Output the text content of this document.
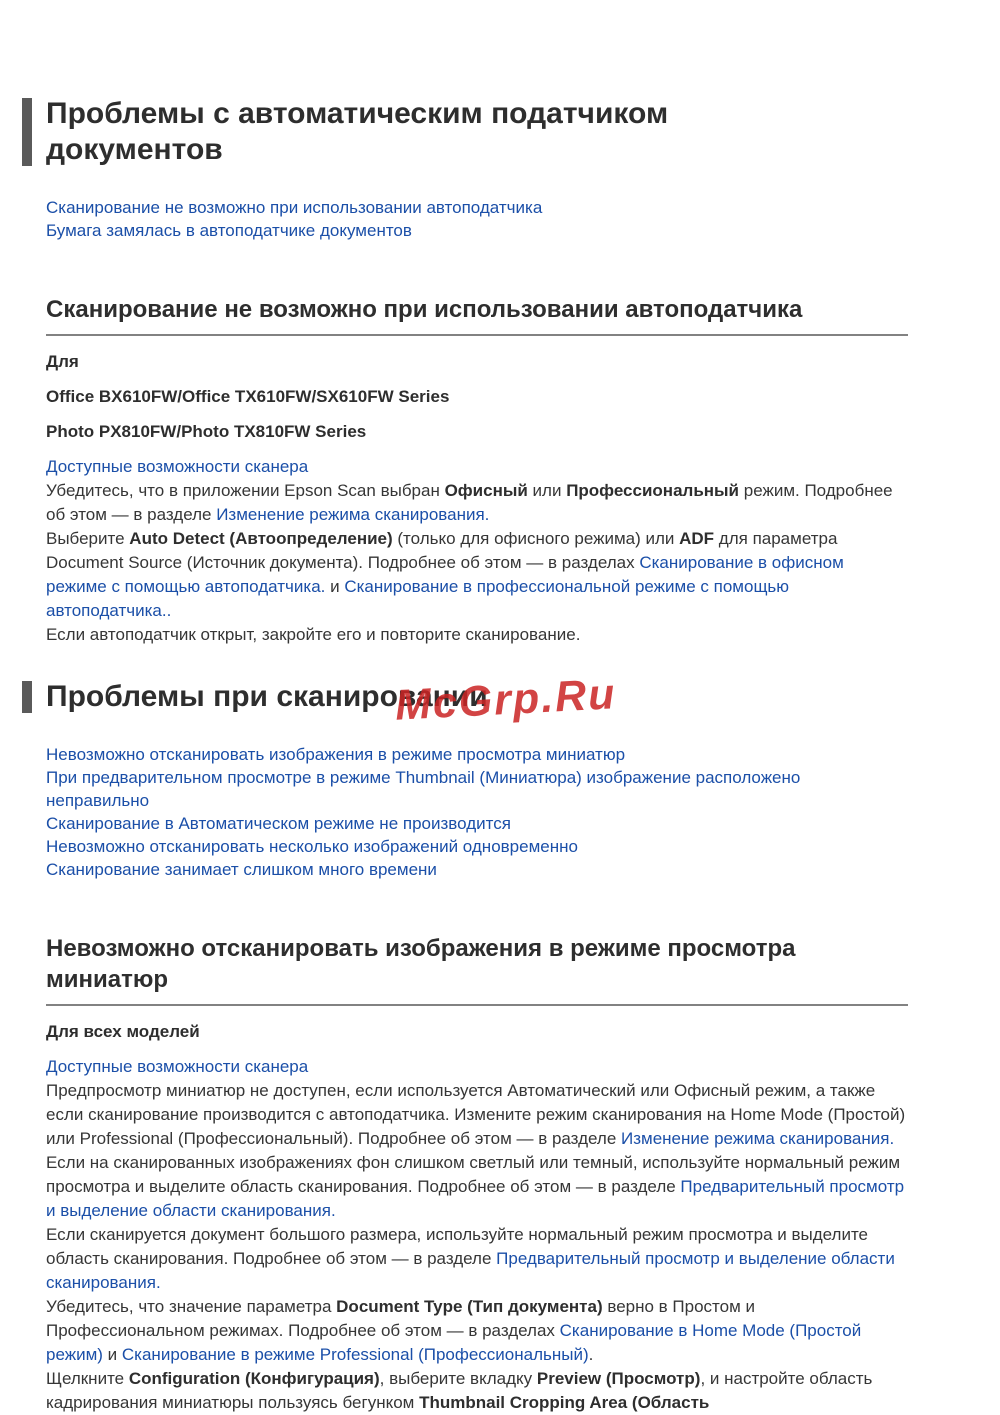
Проблемы с автоматическим податчиком документов
Сканирование не возможно при использовании автоподатчика
Бумага замялась в автоподатчике документов
Сканирование не возможно при использовании автоподатчика

Для

Office BX610FW/Office TX610FW/SX610FW Series

Photo PX810FW/Photo TX810FW Series

Доступные возможности сканера
Убедитесь, что в приложении Epson Scan выбран Офисный или Профессиональный режим. Подробнее об этом — в разделе Изменение режима сканирования.
Выберите Auto Detect (Автоопределение) (только для офисного режима) или ADF для параметра Document Source (Источник документа). Подробнее об этом — в разделах Сканирование в офисном режиме с помощью автоподатчика. и Сканирование в профессиональной режиме с помощью автоподатчика..
Если автоподатчик открыт, закройте его и повторите сканирование.
Проблемы при сканировании
Невозможно отсканировать изображения в режиме просмотра миниатюр
При предварительном просмотре в режиме Thumbnail (Миниатюра) изображение расположено неправильно
Сканирование в Автоматическом режиме не производится
Невозможно отсканировать несколько изображений одновременно
Сканирование занимает слишком много времени
Невозможно отсканировать изображения в режиме просмотра миниатюр

Для всех моделей

Доступные возможности сканера
Предпросмотр миниатюр не доступен, если используется Автоматический или Офисный режим, а также если сканирование производится с автоподатчика. Измените режим сканирования на Home Mode (Простой) или Professional (Профессиональный). Подробнее об этом — в разделе Изменение режима сканирования.
Если на сканированных изображениях фон слишком светлый или темный, используйте нормальный режим просмотра и выделите область сканирования. Подробнее об этом — в разделе Предварительный просмотр и выделение области сканирования.
Если сканируется документ большого размера, используйте нормальный режим просмотра и выделите область сканирования. Подробнее об этом — в разделе Предварительный просмотр и выделение области сканирования.
Убедитесь, что значение параметра Document Type (Тип документа) верно в Простом и Профессиональном режимах. Подробнее об этом — в разделах Сканирование в Home Mode (Простой режим) и Сканирование в режиме Professional (Профессиональный).
Щелкните Configuration (Конфигурация), выберите вкладку Preview (Просмотр), и настройте область кадрирования миниатюры пользуясь бегунком Thumbnail Cropping Area (Область
McGrp.Ru
